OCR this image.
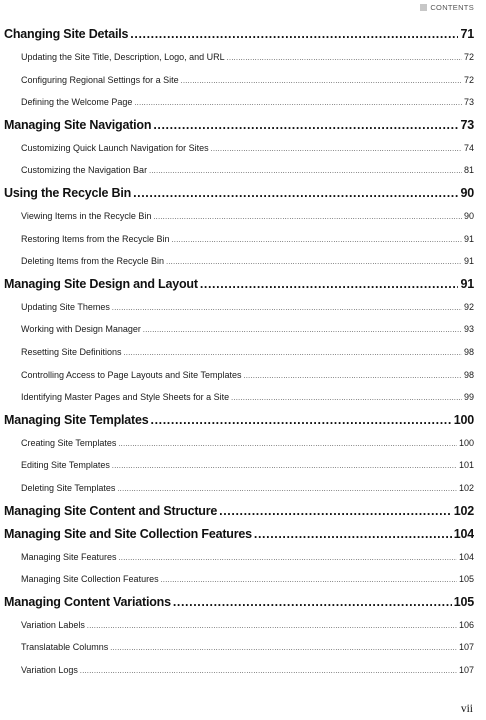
CONTENTS
Changing Site Details .....	71
Updating the Site Title, Description, Logo, and URL .....	72
Configuring Regional Settings for a Site .....	72
Defining the Welcome Page .....	73
Managing Site Navigation .....	73
Customizing Quick Launch Navigation for Sites .....	74
Customizing the Navigation Bar .....	81
Using the Recycle Bin .....	90
Viewing Items in the Recycle Bin .....	90
Restoring Items from the Recycle Bin .....	91
Deleting Items from the Recycle Bin .....	91
Managing Site Design and Layout .....	91
Updating Site Themes .....	92
Working with Design Manager .....	93
Resetting Site Definitions .....	98
Controlling Access to Page Layouts and Site Templates .....	98
Identifying Master Pages and Style Sheets for a Site .....	99
Managing Site Templates .....	100
Creating Site Templates .....	100
Editing Site Templates .....	101
Deleting Site Templates .....	102
Managing Site Content and Structure .....	102
Managing Site and Site Collection Features .....	104
Managing Site Features .....	104
Managing Site Collection Features .....	105
Managing Content Variations .....	105
Variation Labels .....	106
Translatable Columns .....	107
Variation Logs .....	107
vii
